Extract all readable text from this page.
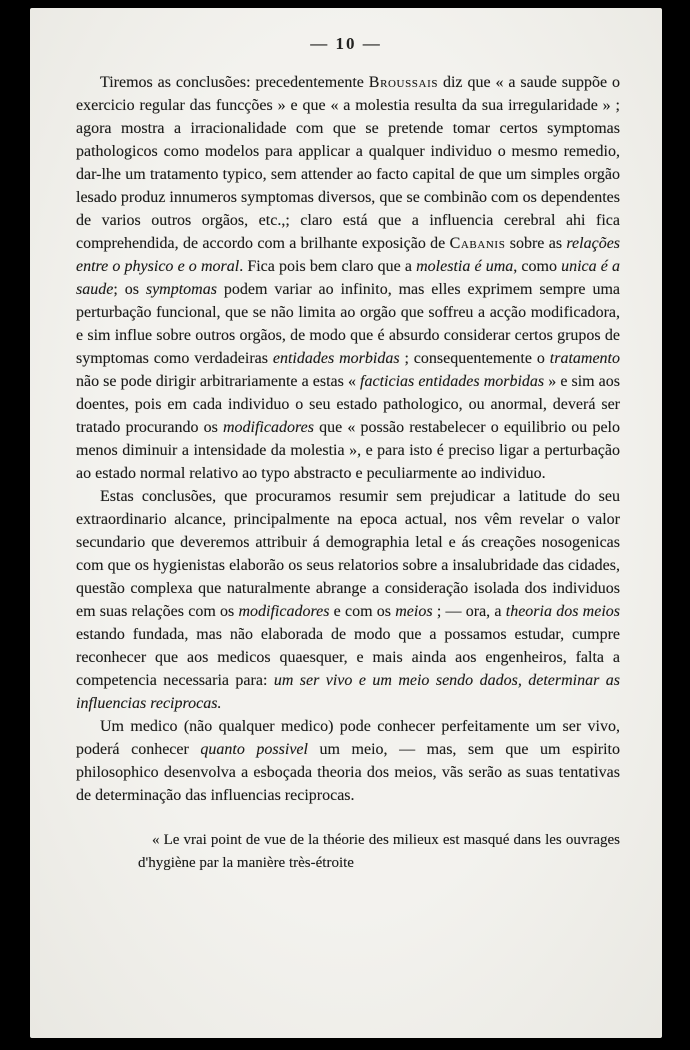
— 10 —

Tiremos as conclusões: precedentemente Broussais diz que « a saude suppõe o exercicio regular das funcções » e que « a molestia resulta da sua irregularidade » ; agora mostra a irracionalidade com que se pretende tomar certos symptomas pathologicos como modelos para applicar a qualquer individuo o mesmo remedio, dar-lhe um tratamento typico, sem attender ao facto capital de que um simples orgão lesado produz innumeros symptomas diversos, que se combinão com os dependentes de varios outros orgãos, etc.,; claro está que a influencia cerebral ahi fica comprehendida, de accordo com a brilhante exposição de Cabanis sobre as relações entre o physico e o moral. Fica pois bem claro que a molestia é uma, como unica é a saude; os symptomas podem variar ao infinito, mas elles exprimem sempre uma perturbação funcional, que se não limita ao orgão que soffreu a acção modificadora, e sim influe sobre outros orgãos, de modo que é absurdo considerar certos grupos de symptomas como verdadeiras entidades morbidas ; consequentemente o tratamento não se pode dirigir arbitrariamente a estas « facticias entidades morbidas » e sim aos doentes, pois em cada individuo o seu estado pathologico, ou anormal, deverá ser tratado procurando os modificadores que « possão restabelecer o equilibrio ou pelo menos diminuir a intensidade da molestia », e para isto é preciso ligar a perturbação ao estado normal relativo ao typo abstracto e peculiarmente ao individuo.

Estas conclusões, que procuramos resumir sem prejudicar a latitude do seu extraordinario alcance, principalmente na epoca actual, nos vêm revelar o valor secundario que deveremos attribuir á demographia letal e ás creações nosogenicas com que os hygienistas elaborão os seus relatorios sobre a insalubridade das cidades, questão complexa que naturalmente abrange a consideração isolada dos individuos em suas relações com os modificadores e com os meios ; — ora, a theoria dos meios estando fundada, mas não elaborada de modo que a possamos estudar, cumpre reconhecer que aos medicos quaesquer, e mais ainda aos engenheiros, falta a competencia necessaria para: um ser vivo e um meio sendo dados, determinar as influencias reciprocas.

Um medico (não qualquer medico) pode conhecer perfeitamente um ser vivo, poderá conhecer quanto possivel um meio, — mas, sem que um espirito philosophico desenvolva a esboçada theoria dos meios, vãs serão as suas tentativas de determinação das influencias reciprocas.

« Le vrai point de vue de la théorie des milieux est masqué dans les ouvrages d'hygiène par la manière très-étroite
